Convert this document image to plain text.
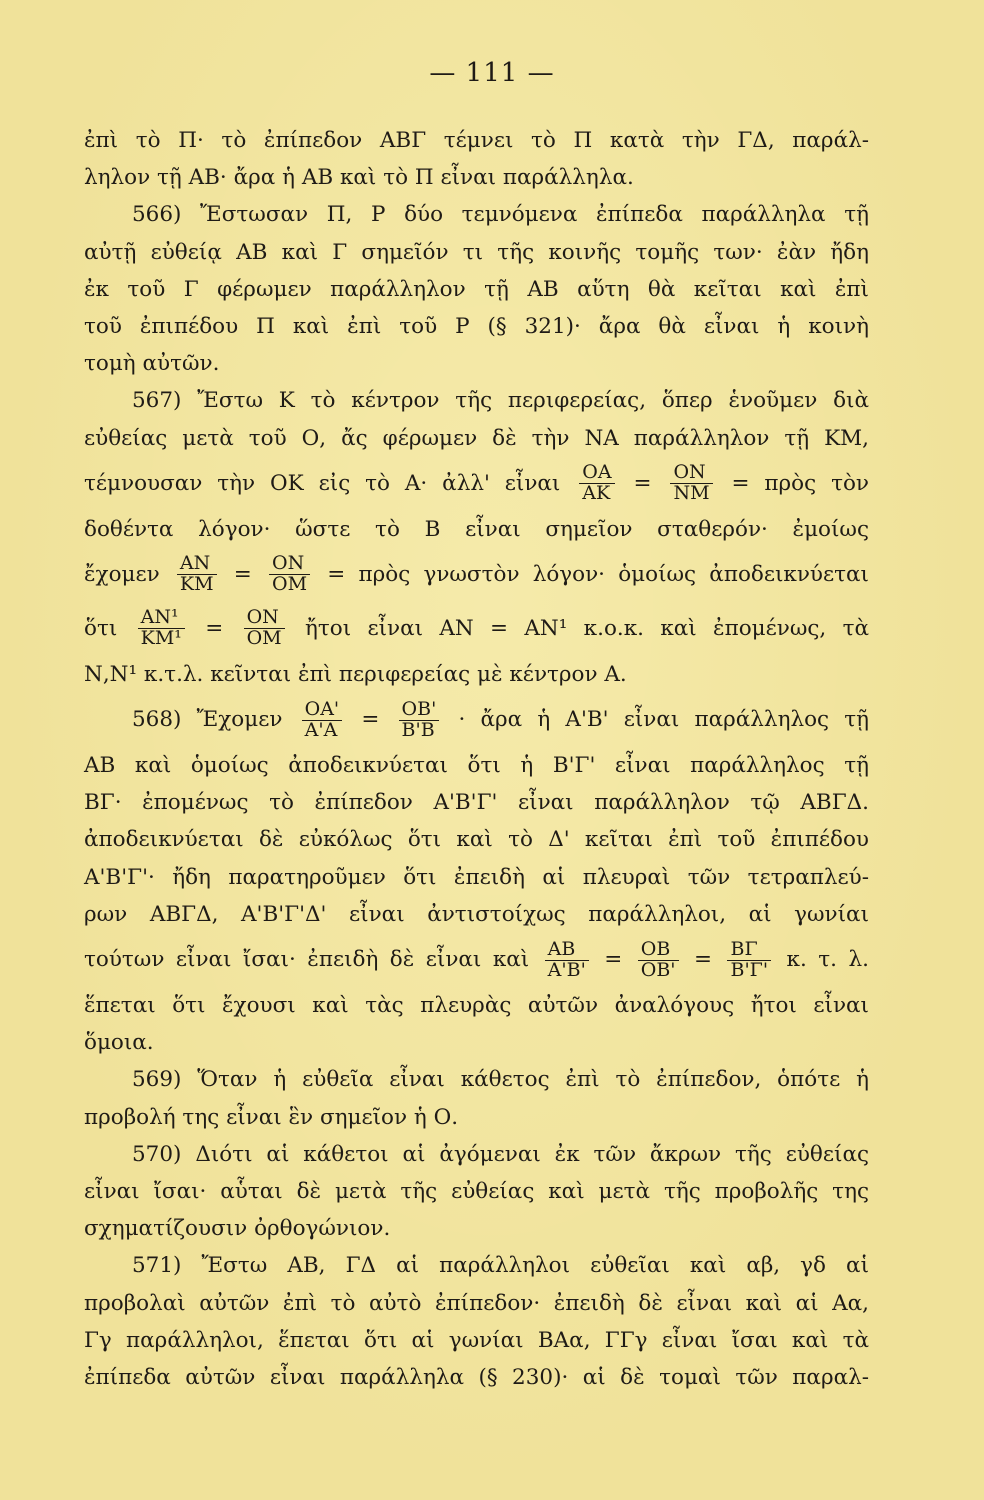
— 111 —
ἐπὶ τὸ Π· τὸ ἐπίπεδον ΑΒΓ τέμνει τὸ Π κατὰ τὴν ΓΔ, παράλ-
ληλον τῇ ΑΒ· ἄρα ἡ ΑΒ καὶ τὸ Π εἶναι παράλληλα.
566) Ἔστωσαν Π, Ρ δύο τεμνόμενα ἐπίπεδα παράλληλα τῇ
αὐτῇ εὐθείᾳ ΑΒ καὶ Γ σημεῖόν τι τῆς κοινῆς τομῆς των· ἐὰν ἤδη
ἐκ τοῦ Γ φέρωμεν παράλληλον τῇ ΑΒ αὕτη θὰ κεῖται καὶ ἐπὶ
τοῦ ἐπιπέδου Π καὶ ἐπὶ τοῦ Ρ (§ 321)· ἄρα θὰ εἶναι ἡ κοινὴ
τομὴ αὐτῶν.
567) Ἔστω Κ τὸ κέντρον τῆς περιφερείας, ὅπερ ἑνοῦμεν διὰ
εὐθείας μετὰ τοῦ Ο, ἄς φέρωμεν δὲ τὴν ΝΑ παράλληλον τῇ ΚΜ,
τέμνουσαν τὴν ΟΚ εἰς τὸ Α· ἀλλ' εἶναι $\frac{OA}{AK} = \frac{ON}{NM}$ = πρὸς τὸν
δοθέντα λόγον· ὥστε τὸ Β εἶναι σημεῖον σταθερόν· ἐμοίως
ἔχομεν $\frac{AN}{KM} = \frac{ON}{OM}$ = πρὸς γνωστὸν λόγον· ὁμοίως ἀποδεικνύεται
ὅτι $\frac{\text{ΑΝ¹}}{\text{ΚΜ¹}} = \frac{ON}{OM}$ ἤτοι εἶναι ΑΝ = ΑΝ¹ κ.ο.κ. καὶ ἐπομένως, τὰ
Ν,Ν¹ κ.τ.λ. κεῖνται ἐπὶ περιφερείας μὲ κέντρον Α.
568) Ἔχομεν $\frac{OA'}{A'A} = \frac{OB'}{B'B}$ · ἄρα ἡ Α'Β' εἶναι παράλληλος τῇ
ΑΒ καὶ ὁμοίως ἀποδεικνύεται ὅτι ἡ Β'Γ' εἶναι παράλληλος τῇ
ΒΓ· ἐπομένως τὸ ἐπίπεδον Α'Β'Γ' εἶναι παράλληλον τῷ ΑΒΓΔ.
ἀποδεικνύεται δὲ εὐκόλως ὅτι καὶ τὸ Δ' κεῖται ἐπὶ τοῦ ἐπιπέδου
Α'Β'Γ'· ἤδη παρατηροῦμεν ὅτι ἐπειδὴ αἱ πλευραὶ τῶν τετραπλεύ-
ρων ΑΒΓΔ, Α'Β'Γ'Δ' εἶναι ἀντιστοίχως παράλληλοι, αἱ γωνίαι
τούτων εἶναι ἴσαι· ἐπειδὴ δὲ εἶναι καὶ $\frac{AB}{A'B'} = \frac{OB}{OB'} = \frac{B\Gamma}{B'\Gamma'} \kappa$. τ. λ.
ἕπεται ὅτι ἔχουσι καὶ τὰς πλευρὰς αὐτῶν ἀναλόγους ἤτοι εἶναι
ὅμοια.
569) Ὅταν ἡ εὐθεῖα εἶναι κάθετος ἐπὶ τὸ ἐπίπεδον, ὁπότε ἡ
προβολή της εἶναι ἓν σημεῖον ἡ Ο.
570) Διότι αἱ κάθετοι αἱ ἀγόμεναι ἐκ τῶν ἄκρων τῆς εὐθείας
εἶναι ἴσαι· αὗται δὲ μετὰ τῆς εὐθείας καὶ μετὰ τῆς προβολῆς της
σχηματίζουσιν ὀρθογώνιον.
571) Ἔστω ΑΒ, ΓΔ αἱ παράλληλοι εὐθεῖαι καὶ αβ, γδ αἱ
προβολαὶ αὐτῶν ἐπὶ τὸ αὐτὸ ἐπίπεδον· ἐπειδὴ δὲ εἶναι καὶ αἱ Αα,
Γγ παράλληλοι, ἕπεται ὅτι αἱ γωνίαι ΒΑα, ΓΓγ εἶναι ἴσαι καὶ τὰ
ἐπίπεδα αὐτῶν εἶναι παράλληλα (§ 230)· αἱ δὲ τομαὶ τῶν παραλ-
